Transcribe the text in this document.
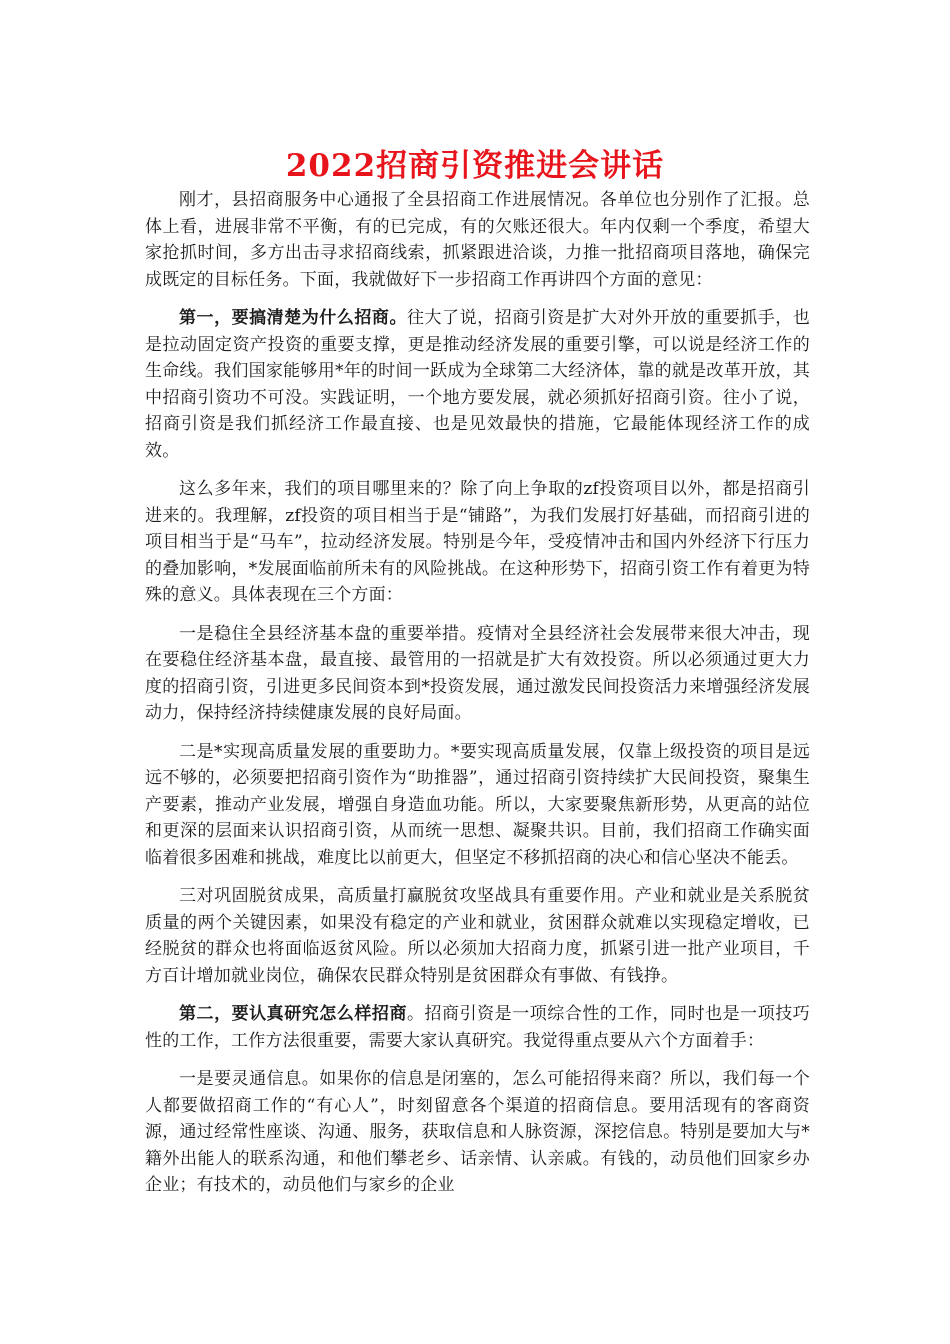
2022招商引资推进会讲话

刚才，县招商服务中心通报了全县招商工作进展情况。各单位也分别作了汇报。总体上看，进展非常不平衡，有的已完成，有的欠账还很大。年内仅剩一个季度，希望大家抢抓时间，多方出击寻求招商线索，抓紧跟进洽谈，力推一批招商项目落地，确保完成既定的目标任务。下面，我就做好下一步招商工作再讲四个方面的意见：

第一，要搞清楚为什么招商。往大了说，招商引资是扩大对外开放的重要抓手，也是拉动固定资产投资的重要支撑，更是推动经济发展的重要引擎，可以说是经济工作的生命线。我们国家能够用*年的时间一跃成为全球第二大经济体，靠的就是改革开放，其中招商引资功不可没。实践证明，一个地方要发展，就必须抓好招商引资。往小了说，招商引资是我们抓经济工作最直接、也是见效最快的措施，它最能体现经济工作的成效。

这么多年来，我们的项目哪里来的？除了向上争取的zf投资项目以外，都是招商引进来的。我理解，zf投资的项目相当于是“铺路”，为我们发展打好基础，而招商引进的项目相当于是“马车”，拉动经济发展。特别是今年，受疫情冲击和国内外经济下行压力的叠加影响，*发展面临前所未有的风险挑战。在这种形势下，招商引资工作有着更为特殊的意义。具体表现在三个方面：

一是稳住全县经济基本盘的重要举措。疫情对全县经济社会发展带来很大冲击，现在要稳住经济基本盘，最直接、最管用的一招就是扩大有效投资。所以必须通过更大力度的招商引资，引进更多民间资本到*投资发展，通过激发民间投资活力来增强经济发展动力，保持经济持续健康发展的良好局面。

二是*实现高质量发展的重要助力。*要实现高质量发展，仅靠上级投资的项目是远远不够的，必须要把招商引资作为“助推器”，通过招商引资持续扩大民间投资，聚集生产要素，推动产业发展，增强自身造血功能。所以，大家要聚焦新形势，从更高的站位和更深的层面来认识招商引资，从而统一思想、凝聚共识。目前，我们招商工作确实面临着很多困难和挑战，难度比以前更大，但坚定不移抓招商的决心和信心坚决不能丢。

三对巩固脱贫成果，高质量打赢脱贫攻坚战具有重要作用。产业和就业是关系脱贫质量的两个关键因素，如果没有稳定的产业和就业，贫困群众就难以实现稳定增收，已经脱贫的群众也将面临返贫风险。所以必须加大招商力度，抓紧引进一批产业项目，千方百计增加就业岗位，确保农民群众特别是贫困群众有事做、有钱挣。

第二，要认真研究怎么样招商。招商引资是一项综合性的工作，同时也是一项技巧性的工作，工作方法很重要，需要大家认真研究。我觉得重点要从六个方面着手：

一是要灵通信息。如果你的信息是闭塞的，怎么可能招得来商？所以，我们每一个人都要做招商工作的“有心人”，时刻留意各个渠道的招商信息。要用活现有的客商资源，通过经常性座谈、沟通、服务，获取信息和人脉资源，深挖信息。特别是要加大与*籍外出能人的联系沟通，和他们攀老乡、话亲情、认亲戚。有钱的，动员他们回家乡办企业；有技术的，动员他们与家乡的企业
